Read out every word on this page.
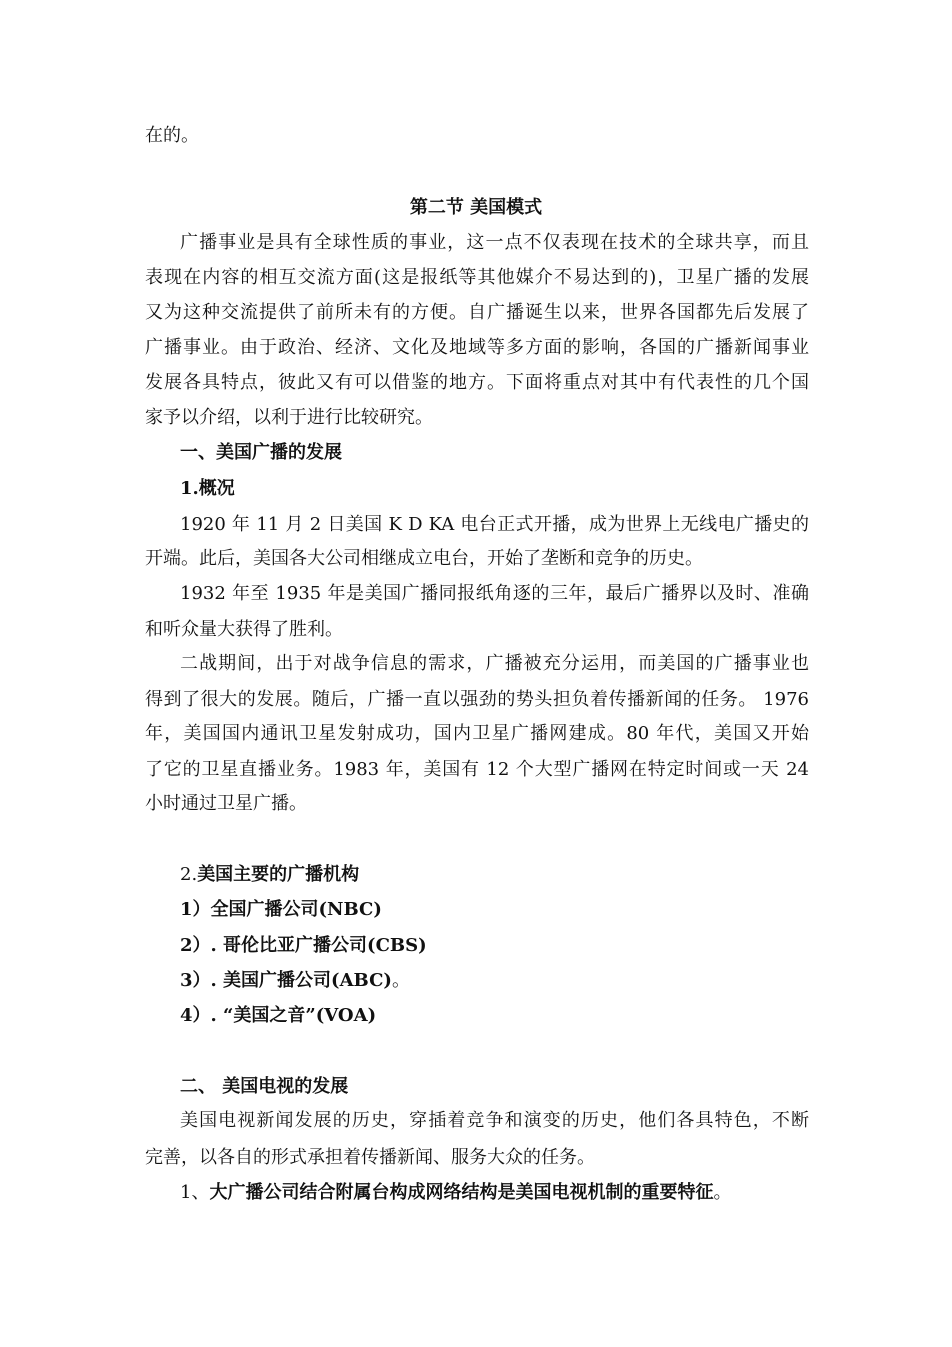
在的。

第二节 美国模式

广播事业是具有全球性质的事业，这一点不仅表现在技术的全球共享，而且

表现在内容的相互交流方面(这是报纸等其他媒介不易达到的)，卫星广播的发展

又为这种交流提供了前所未有的方便。自广播诞生以来，世界各国都先后发展了

广播事业。由于政治、经济、文化及地域等多方面的影响，各国的广播新闻事业

发展各具特点，彼此又有可以借鉴的地方。下面将重点对其中有代表性的几个国

家予以介绍，以利于进行比较研究。

一、美国广播的发展

1.概况

1920 年 11 月 2 日美国 K D KA 电台正式开播，成为世界上无线电广播史的

开端。此后，美国各大公司相继成立电台，开始了垄断和竞争的历史。

1932 年至 1935 年是美国广播同报纸角逐的三年，最后广播界以及时、准确

和听众量大获得了胜利。

二战期间，出于对战争信息的需求，广播被充分运用，而美国的广播事业也

得到了很大的发展。随后，广播一直以强劲的势头担负着传播新闻的任务。 1976

年，美国国内通讯卫星发射成功，国内卫星广播网建成。80 年代，美国又开始

了它的卫星直播业务。1983 年，美国有 12 个大型广播网在特定时间或一天 24

小时通过卫星广播。

2.美国主要的广播机构

1）全国广播公司(NBC)

2）. 哥伦比亚广播公司(CBS)

3）. 美国广播公司(ABC)。

4）. “美国之音”(VOA)

二、 美国电视的发展

美国电视新闻发展的历史，穿插着竞争和演变的历史，他们各具特色，不断

完善，以各自的形式承担着传播新闻、服务大众的任务。

1、大广播公司结合附属台构成网络结构是美国电视机制的重要特征。
